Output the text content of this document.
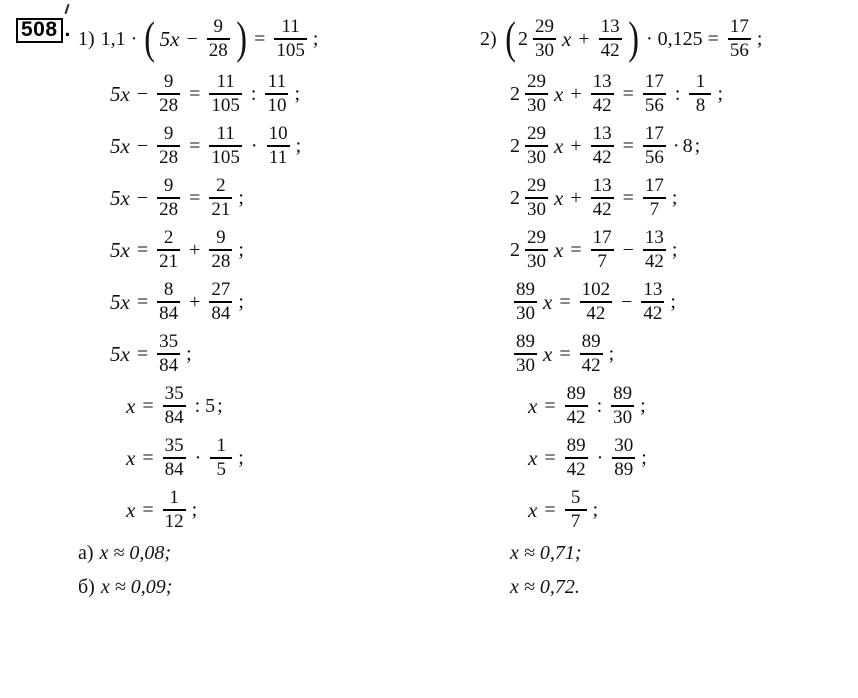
508 . 1) 1,1 · ( $5x - \frac{9}{28}$ ) = $\frac{11}{105}$ ;
$5x - \frac{9}{28} = \frac{11}{105}$ : $\frac{11}{10}$ ;
$5x - \frac{9}{28} = \frac{11}{105} \cdot \frac{10}{11}$ ;
$5x - \frac{9}{28} = \frac{2}{21}$ ;
$5x = \frac{2}{21} + \frac{9}{28}$ ;
$5x = \frac{8}{84} + \frac{27}{84}$ ;
$5x = \frac{35}{84}$ ;
$x = \frac{35}{84}$ : 5 ;
$x = \frac{35}{84} \cdot \frac{1}{5}$ ;
$x = \frac{1}{12}$ ;
а) x ≈ 0,08;
б) x ≈ 0,09;
2) ( $2 \frac{29}{30}$ $x + \frac{13}{42}$ ) · $0,125 = \frac{17}{56}$ ;
$2 \frac{29}{30}$ $x + \frac{13}{42} = \frac{17}{56}$ : $\frac{1}{8}$ ;
$2 \frac{29}{30}$ $x + \frac{13}{42} = \frac{17}{56} \cdot 8$ ;
$2 \frac{29}{30}$ $x + \frac{13}{42} = \frac{17}{7}$ ;
$2 \frac{29}{30}$ $x = \frac{17}{7} - \frac{13}{42}$ ;
$\frac{89}{30}$ $x = \frac{102}{42} - \frac{13}{42}$ ;
$\frac{89}{30}$ $x = \frac{89}{42}$ ;
$x = \frac{89}{42}$ : $\frac{89}{30}$ ;
$x = \frac{89}{42} \cdot \frac{30}{89}$ ;
$x = \frac{5}{7}$ ;
x ≈ 0,71;
x ≈ 0,72.
